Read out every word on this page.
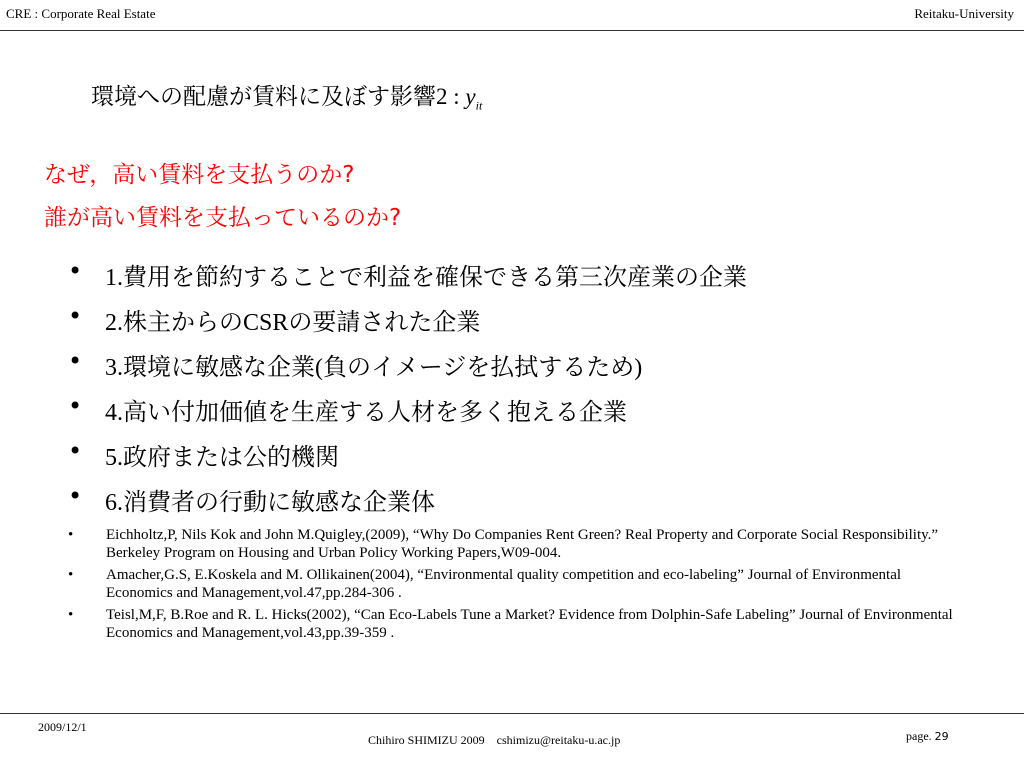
CRE : Corporate Real Estate	Reitaku-University
環境への配慮が賃料に及ぼす影響2 : $y_{it}$
なぜ，高い賃料を支払うのか?
誰が高い賃料を支払っているのか?
• 1.費用を節約することで利益を確保できる第三次産業の企業
• 2.株主からのCSRの要請された企業
• 3.環境に敏感な企業(負のイメージを払拭するため)
• 4.高い付加価値を生産する人材を多く抱える企業
• 5.政府または公的機関
• 6.消費者の行動に敏感な企業体
• Eichholtz,P, Nils Kok and John M.Quigley,(2009), “Why Do Companies Rent Green? Real Property and Corporate Social Responsibility.” Berkeley Program on Housing and Urban Policy Working Papers,W09-004.
• Amacher,G.S, E.Koskela and M. Ollikainen(2004), “Environmental quality competition and eco-labeling” Journal of Environmental Economics and Management,vol.47,pp.284-306 .
• Teisl,M,F, B.Roe and R. L. Hicks(2002), “Can Eco-Labels Tune a Market? Evidence from Dolphin-Safe Labeling” Journal of Environmental Economics and Management,vol.43,pp.39-359 .
2009/12/1
Chihiro SHIMIZU 2009　cshimizu@reitaku-u.ac.jp	page. 29
